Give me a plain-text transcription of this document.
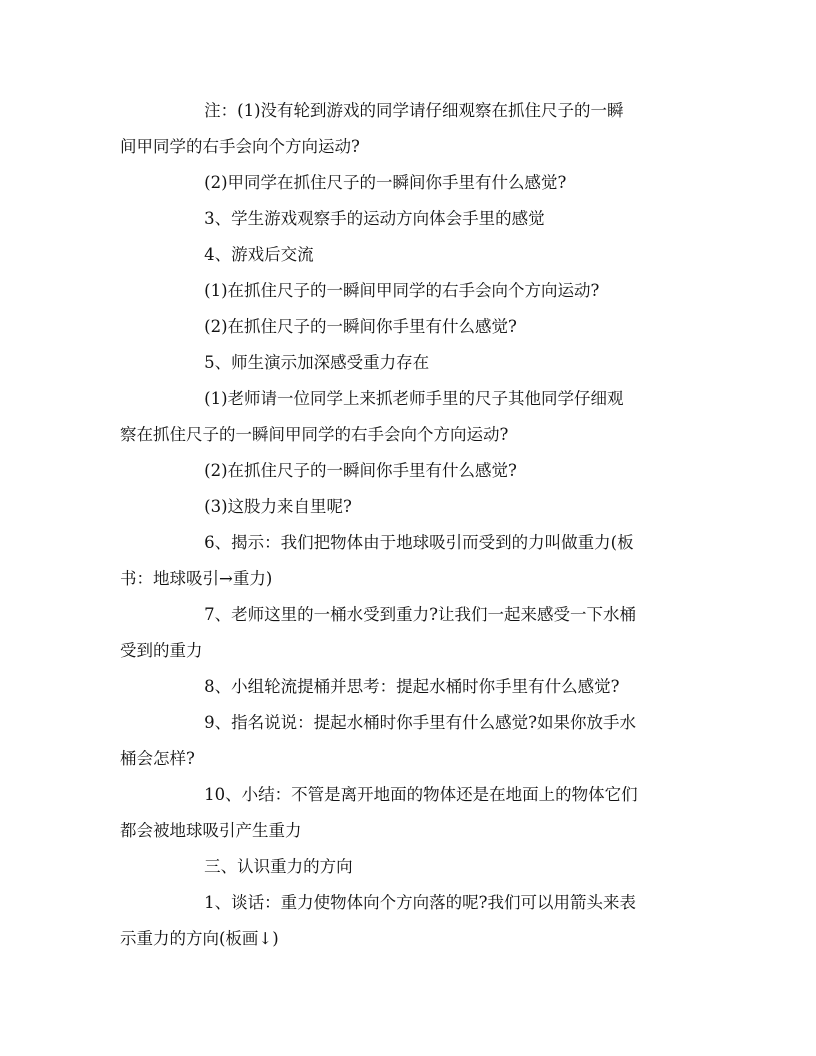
注：(1)没有轮到游戏的同学请仔细观察在抓住尺子的一瞬
间甲同学的右手会向个方向运动?

(2)甲同学在抓住尺子的一瞬间你手里有什么感觉?

3、学生游戏观察手的运动方向体会手里的感觉

4、游戏后交流

(1)在抓住尺子的一瞬间甲同学的右手会向个方向运动?

(2)在抓住尺子的一瞬间你手里有什么感觉?

5、师生演示加深感受重力存在

(1)老师请一位同学上来抓老师手里的尺子其他同学仔细观
察在抓住尺子的一瞬间甲同学的右手会向个方向运动?

(2)在抓住尺子的一瞬间你手里有什么感觉?

(3)这股力来自里呢?

6、揭示：我们把物体由于地球吸引而受到的力叫做重力(板
书：地球吸引→重力)

7、老师这里的一桶水受到重力?让我们一起来感受一下水桶
受到的重力

8、小组轮流提桶并思考：提起水桶时你手里有什么感觉?

9、指名说说：提起水桶时你手里有什么感觉?如果你放手水
桶会怎样?

10、小结：不管是离开地面的物体还是在地面上的物体它们
都会被地球吸引产生重力

三、认识重力的方向

1、谈话：重力使物体向个方向落的呢?我们可以用箭头来表
示重力的方向(板画↓)
